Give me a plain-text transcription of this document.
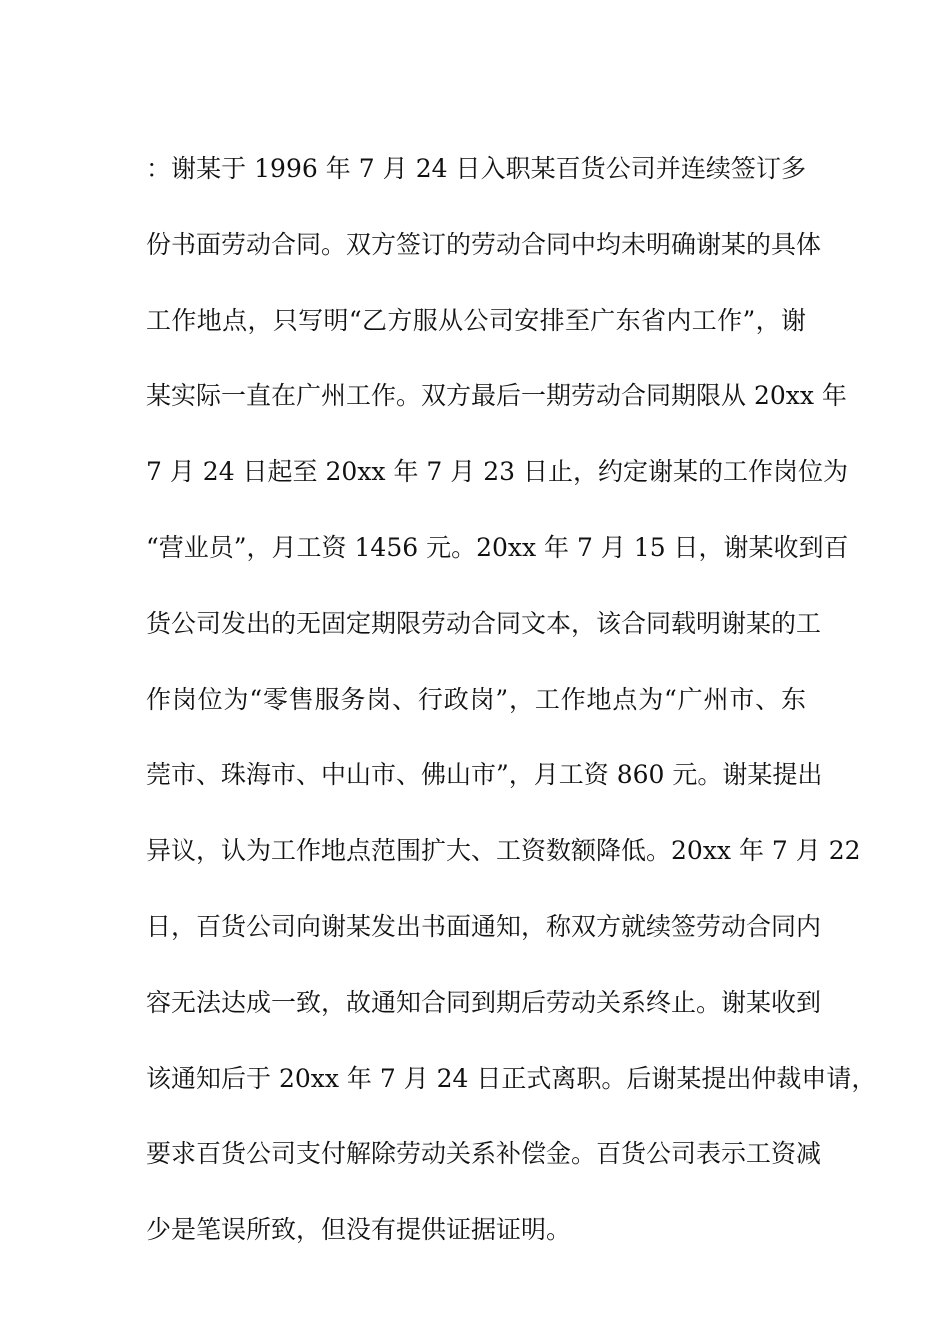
：谢某于 1996 年 7 月 24 日入职某百货公司并连续签订多
份书面劳动合同。双方签订的劳动合同中均未明确谢某的具体
工作地点，只写明“乙方服从公司安排至广东省内工作”，谢
某实际一直在广州工作。双方最后一期劳动合同期限从 20xx 年
7 月 24 日起至 20xx 年 7 月 23 日止，约定谢某的工作岗位为
“营业员”，月工资 1456 元。20xx 年 7 月 15 日，谢某收到百
货公司发出的无固定期限劳动合同文本，该合同载明谢某的工
作岗位为“零售服务岗、行政岗”，工作地点为“广州市、东
莞市、珠海市、中山市、佛山市”，月工资 860 元。谢某提出
异议，认为工作地点范围扩大、工资数额降低。20xx 年 7 月 22
日，百货公司向谢某发出书面通知，称双方就续签劳动合同内
容无法达成一致，故通知合同到期后劳动关系终止。谢某收到
该通知后于 20xx 年 7 月 24 日正式离职。后谢某提出仲裁申请，
要求百货公司支付解除劳动关系补偿金。百货公司表示工资减
少是笔误所致，但没有提供证据证明。
